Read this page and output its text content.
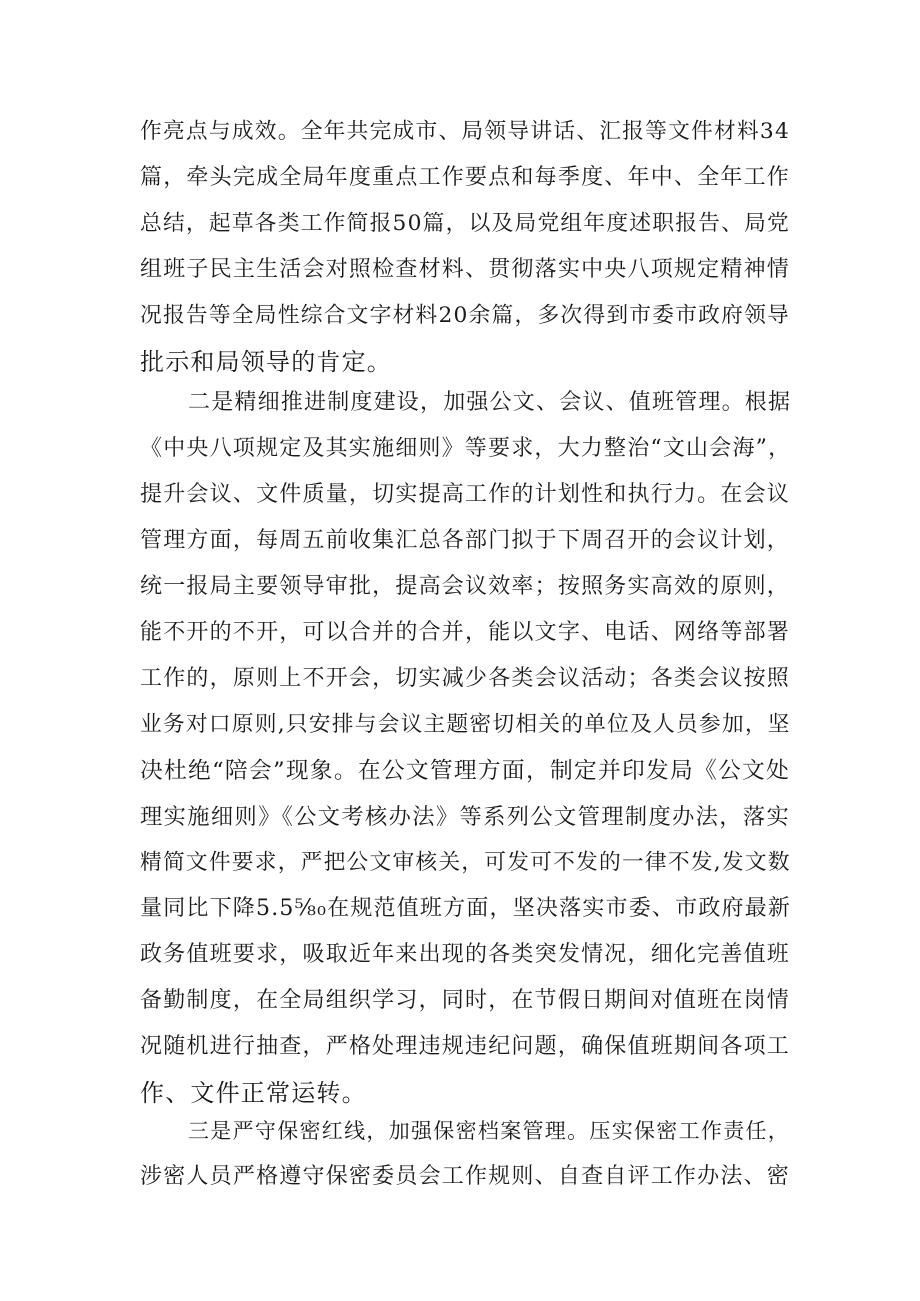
作亮点与成效。全年共完成市、局领导讲话、汇报等文件材料34
篇，牵头完成全局年度重点工作要点和每季度、年中、全年工作
总结，起草各类工作简报50篇，以及局党组年度述职报告、局党
组班子民主生活会对照检查材料、贯彻落实中央八项规定精神情
况报告等全局性综合文字材料20余篇，多次得到市委市政府领导
批示和局领导的肯定。
二是精细推进制度建设，加强公文、会议、值班管理。根据
《中央八项规定及其实施细则》等要求，大力整治“文山会海”，
提升会议、文件质量，切实提高工作的计划性和执行力。在会议
管理方面，每周五前收集汇总各部门拟于下周召开的会议计划，
统一报局主要领导审批，提高会议效率；按照务实高效的原则，
能不开的不开，可以合并的合并，能以文字、电话、网络等部署
工作的，原则上不开会，切实减少各类会议活动；各类会议按照
业务对口原则,只安排与会议主题密切相关的单位及人员参加，坚
决杜绝“陪会”现象。在公文管理方面，制定并印发局《公文处
理实施细则》《公文考核办法》等系列公文管理制度办法，落实
精简文件要求，严把公文审核关，可发可不发的一律不发,发文数
量同比下降5.5⅝₀在规范值班方面，坚决落实市委、市政府最新
政务值班要求，吸取近年来出现的各类突发情况，细化完善值班
备勤制度，在全局组织学习，同时，在节假日期间对值班在岗情
况随机进行抽查，严格处理违规违纪问题，确保值班期间各项工
作、文件正常运转。
三是严守保密红线，加强保密档案管理。压实保密工作责任，
涉密人员严格遵守保密委员会工作规则、自查自评工作办法、密
